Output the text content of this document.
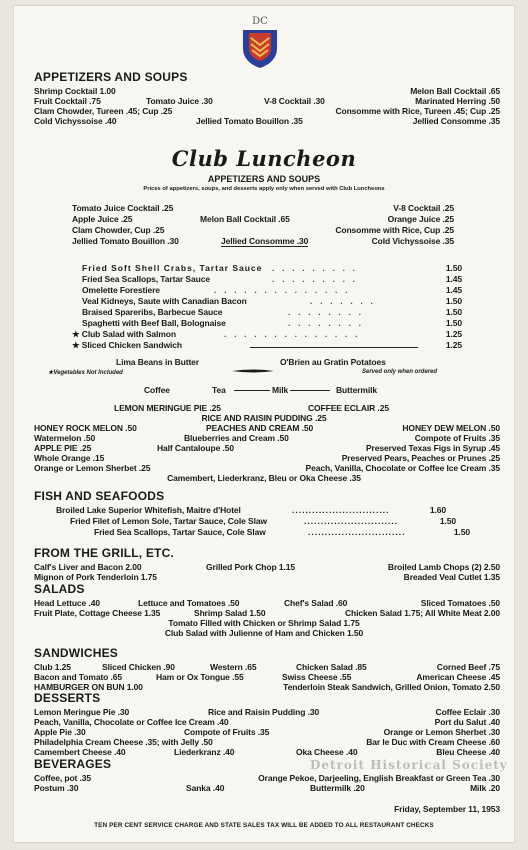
DC
APPETIZERS AND SOUPS
Shrimp Cocktail 1.00	Melon Ball Cocktail .65
Fruit Cocktail .75	Tomato Juice .30	V-8 Cocktail .30	Marinated Herring .50
Clam Chowder, Tureen .45; Cup .25	Consomme with Rice, Tureen .45; Cup .25
Cold Vichyssoise .40	Jellied Tomato Bouillon .35	Jellied Consomme .35
Club Luncheon
APPETIZERS AND SOUPS
Prices of appetizers, soups, and desserts apply only when served with Club Luncheons
Tomato Juice Cocktail .25	V-8 Cocktail .25
Apple Juice .25	Melon Ball Cocktail .65	Orange Juice .25
Clam Chowder, Cup .25	Consomme with Rice, Cup .25
Jellied Tomato Bouillon .30	Jellied Consomme .30	Cold Vichyssoise .35
Fried Soft Shell Crabs, Tartar Sauce .  .  .  .  .  .  .  .  .	1.50
Fried Sea Scallops, Tartar Sauce	.  .  .  .  .  .  .  .  .	1.45
Omelette Forestiere	.  .  .  .  .  .  .  .  .  .  .  .  .  .	1.45
Veal Kidneys, Saute with Canadian Bacon	.  .  .  .  .  .  .	1.50
Braised Spareribs, Barbecue Sauce	.  .  .  .  .  .  .  .	1.50
Spaghetti with Beef Ball, Bolognaise	.  .  .  .  .  .  .  .	1.50
★ Club Salad with Salmon	.  .  .  .  .  .  .  .  .  .  .  .  .  .	1.25
★ Sliced Chicken Sandwich	1.25
Lima Beans in Butter	O'Brien au Gratin Potatoes
★Vegetables Not Included	Served only when ordered
Coffee	Tea	Milk	Buttermilk
LEMON MERINGUE PIE .25	COFFEE ECLAIR .25
RICE AND RAISIN PUDDING .25
HONEY ROCK MELON .50	PEACHES AND CREAM .50	HONEY DEW MELON .50
Watermelon .50	Blueberries and Cream .50	Compote of Fruits .35
APPLE PIE .25	Half Cantaloupe .50	Preserved Texas Figs in Syrup .45
Whole Orange .15	Preserved Pears, Peaches or Prunes .25
Orange or Lemon Sherbet .25	Peach, Vanilla, Chocolate or Coffee Ice Cream .35
Camembert, Liederkranz, Bleu or Oka Cheese .35
FISH AND SEAFOODS
Broiled Lake Superior Whitefish, Maitre d'Hotel	.............................	1.60
Fried Filet of Lemon Sole, Tartar Sauce, Cole Slaw	............................	1.50
Fried Sea Scallops, Tartar Sauce, Cole Slaw	.............................	1.50
FROM THE GRILL, ETC.
Calf's Liver and Bacon 2.00	Grilled Pork Chop 1.15	Broiled Lamb Chops (2) 2.50
Mignon of Pork Tenderloin 1.75	Breaded Veal Cutlet 1.35
SALADS
Head Lettuce .40	Lettuce and Tomatoes .50	Chef's Salad .60	Sliced Tomatoes .50
Fruit Plate, Cottage Cheese 1.35	Shrimp Salad 1.50	Chicken Salad 1.75; All White Meat 2.00
Tomato Filled with Chicken or Shrimp Salad 1.75
Club Salad with Julienne of Ham and Chicken 1.50
SANDWICHES
Club 1.25	Sliced Chicken .90	Western .65	Chicken Salad .85	Corned Beef .75
Bacon and Tomato .65	Ham or Ox Tongue .55	Swiss Cheese .55	American Cheese .45
HAMBURGER ON BUN 1.00	Tenderloin Steak Sandwich, Grilled Onion, Tomato 2.50
DESSERTS
Lemon Meringue Pie .30	Rice and Raisin Pudding .30	Coffee Eclair .30
Peach, Vanilla, Chocolate or Coffee Ice Cream .40	Port du Salut .40
Apple Pie .30	Compote of Fruits .35	Orange or Lemon Sherbet .30
Philadelphia Cream Cheese .35; with Jelly .50	Bar le Duc with Cream Cheese .60
Camembert Cheese .40	Liederkranz .40	Oka Cheese .40	Bleu Cheese .40
BEVERAGES
Coffee, pot .35	Orange Pekoe, Darjeeling, English Breakfast or Green Tea .30
Postum .30	Sanka .40	Buttermilk .20	Milk .20
Friday, September 11, 1953
TEN PER CENT SERVICE CHARGE AND STATE SALES TAX WILL BE ADDED TO ALL RESTAURANT CHECKS
Detroit Historical Society
